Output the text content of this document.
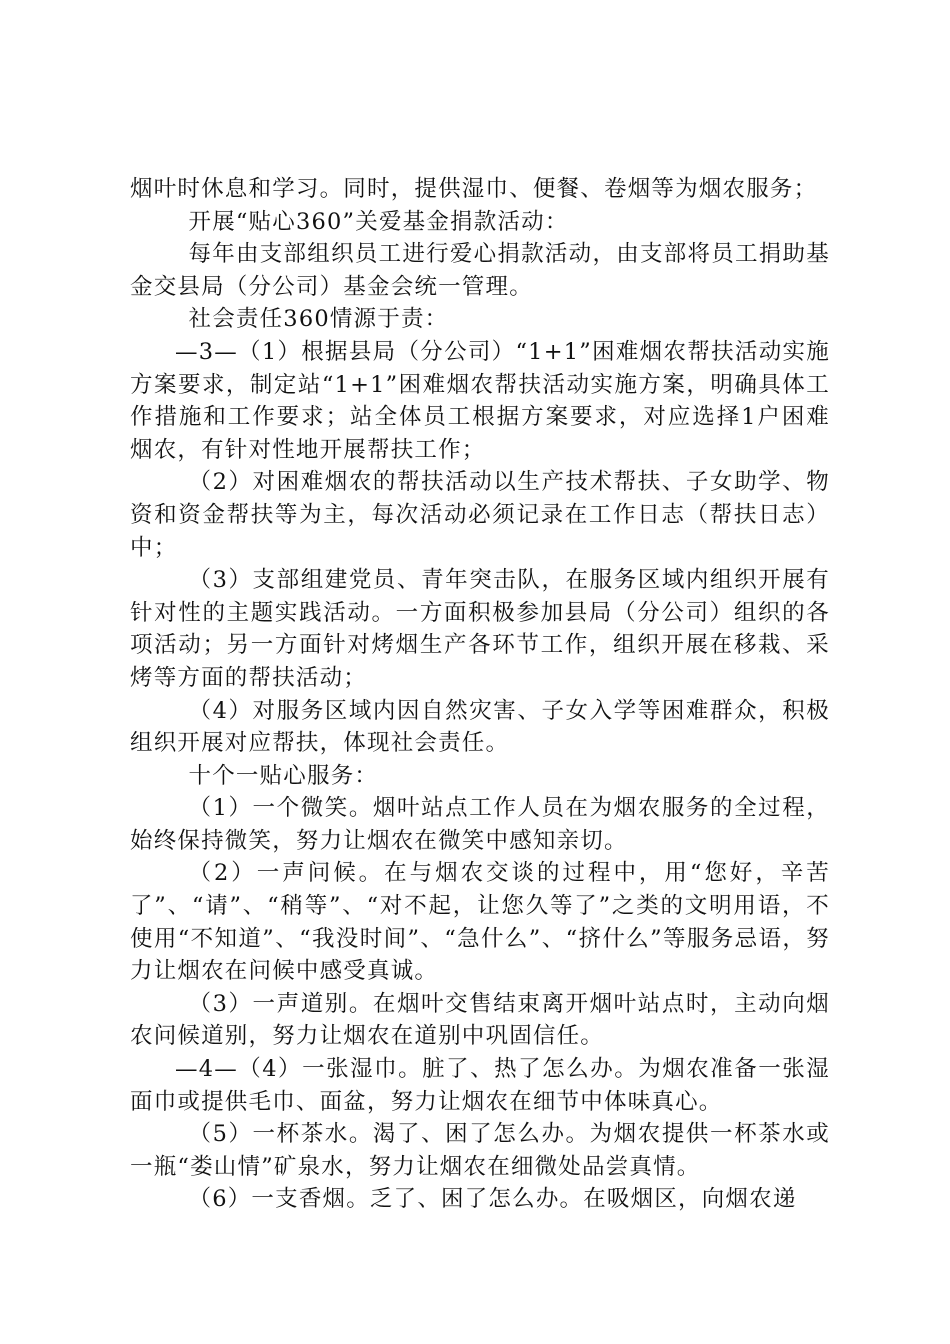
烟叶时休息和学习。同时，提供湿巾、便餐、卷烟等为烟农服务；

开展“贴心360”关爱基金捐款活动：

每年由支部组织员工进行爱心捐款活动，由支部将员工捐助基金交县局（分公司）基金会统一管理。

社会责任360情源于责：

—3—（1）根据县局（分公司）“1+1”困难烟农帮扶活动实施方案要求，制定站“1+1”困难烟农帮扶活动实施方案，明确具体工作措施和工作要求；站全体员工根据方案要求，对应选择1户困难烟农，有针对性地开展帮扶工作；

（2）对困难烟农的帮扶活动以生产技术帮扶、子女助学、物资和资金帮扶等为主，每次活动必须记录在工作日志（帮扶日志）中；

（3）支部组建党员、青年突击队，在服务区域内组织开展有针对性的主题实践活动。一方面积极参加县局（分公司）组织的各项活动；另一方面针对烤烟生产各环节工作，组织开展在移栽、采烤等方面的帮扶活动；

（4）对服务区域内因自然灾害、子女入学等困难群众，积极组织开展对应帮扶，体现社会责任。

十个一贴心服务：

（1）一个微笑。烟叶站点工作人员在为烟农服务的全过程，始终保持微笑，努力让烟农在微笑中感知亲切。

（2）一声问候。在与烟农交谈的过程中，用“您好，辛苦了”、“请”、“稍等”、“对不起，让您久等了”之类的文明用语，不使用“不知道”、“我没时间”、“急什么”、“挤什么”等服务忌语，努力让烟农在问候中感受真诚。

（3）一声道别。在烟叶交售结束离开烟叶站点时，主动向烟农问候道别，努力让烟农在道别中巩固信任。

—4—（4）一张湿巾。脏了、热了怎么办。为烟农准备一张湿面巾或提供毛巾、面盆，努力让烟农在细节中体味真心。

（5）一杯茶水。渴了、困了怎么办。为烟农提供一杯茶水或一瓶“娄山情”矿泉水，努力让烟农在细微处品尝真情。

（6）一支香烟。乏了、困了怎么办。在吸烟区，向烟农递
